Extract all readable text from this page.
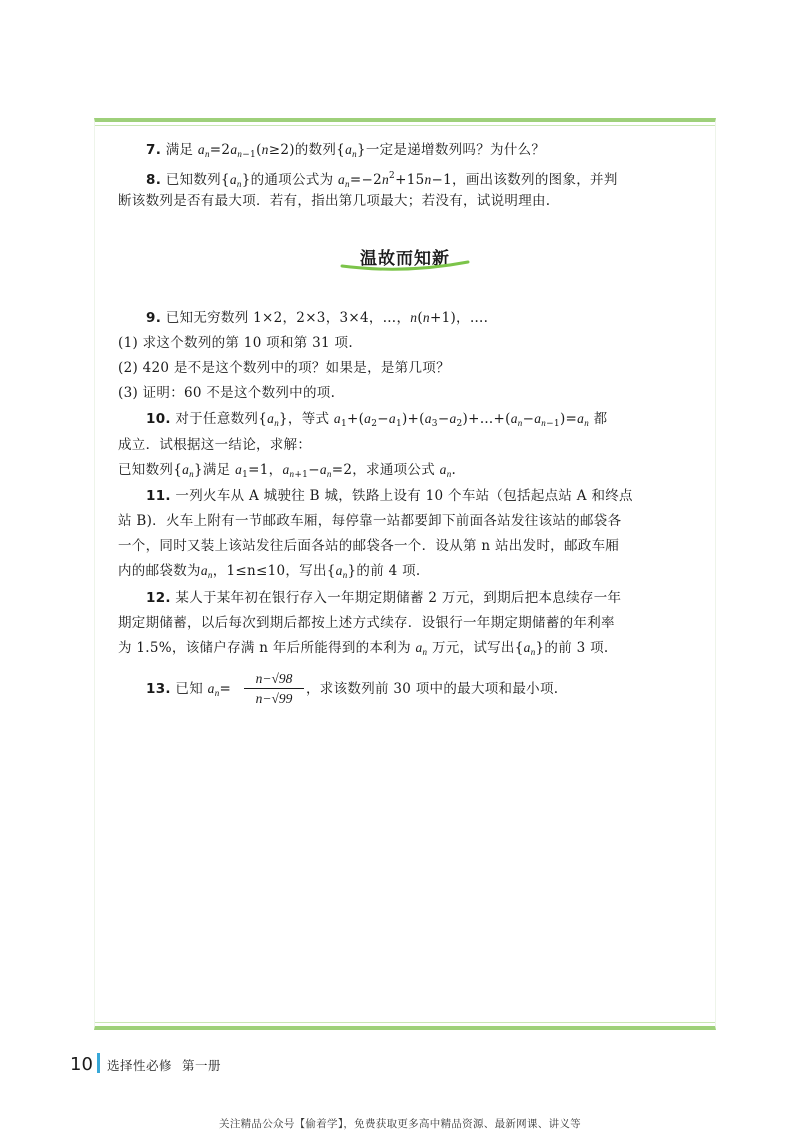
7. 满足 $a_n=2a_{n-1}(n\ge 2)$的数列$\{a_n\}$一定是递增数列吗？为什么？
8. 已知数列$\{a_n\}$的通项公式为 $a_n=-2n^2+15n-1$，画出该数列的图象，并判
断该数列是否有最大项．若有，指出第几项最大；若没有，试说明理由.
温故而知新
9. 已知无穷数列 1×2，2×3，3×4，…，n(n+1)，….
(1) 求这个数列的第 10 项和第 31 项.
(2) 420 是不是这个数列中的项？如果是，是第几项？
(3) 证明：60 不是这个数列中的项.
10. 对于任意数列$\{a_n\}$，等式 $a_1+(a_2-a_1)+(a_3-a_2)+\dots+(a_n-a_{n-1})=a_n$ 都
成立．试根据这一结论，求解：
已知数列$\{a_n\}$满足 $a_1=1$，$a_{n+1}-a_n=2$，求通项公式 $a_n$.
11. 一列火车从 A 城驶往 B 城，铁路上设有 10 个车站（包括起点站 A 和终点
站 B)．火车上附有一节邮政车厢，每停靠一站都要卸下前面各站发往该站的邮袋各
一个，同时又装上该站发往后面各站的邮袋各一个．设从第 n 站出发时，邮政车厢
内的邮袋数为$a_n$，1≤n≤10，写出$\{a_n\}$的前 4 项.
12. 某人于某年初在银行存入一年期定期储蓄 2 万元，到期后把本息续存一年
期定期储蓄，以后每次到期后都按上述方式续存．设银行一年期定期储蓄的年利率
为 1.5%，该储户存满 n 年后所能得到的本利为 $a_n$ 万元，试写出$\{a_n\}$的前 3 项.
13. 已知 $a_n=$	，求该数列前 30 项中的最大项和最小项.
n−√98
n−√99
10 选择性必修 第一册
关注精品公众号【偷着学】，免费获取更多高中精品资源、最新网课、讲义等
